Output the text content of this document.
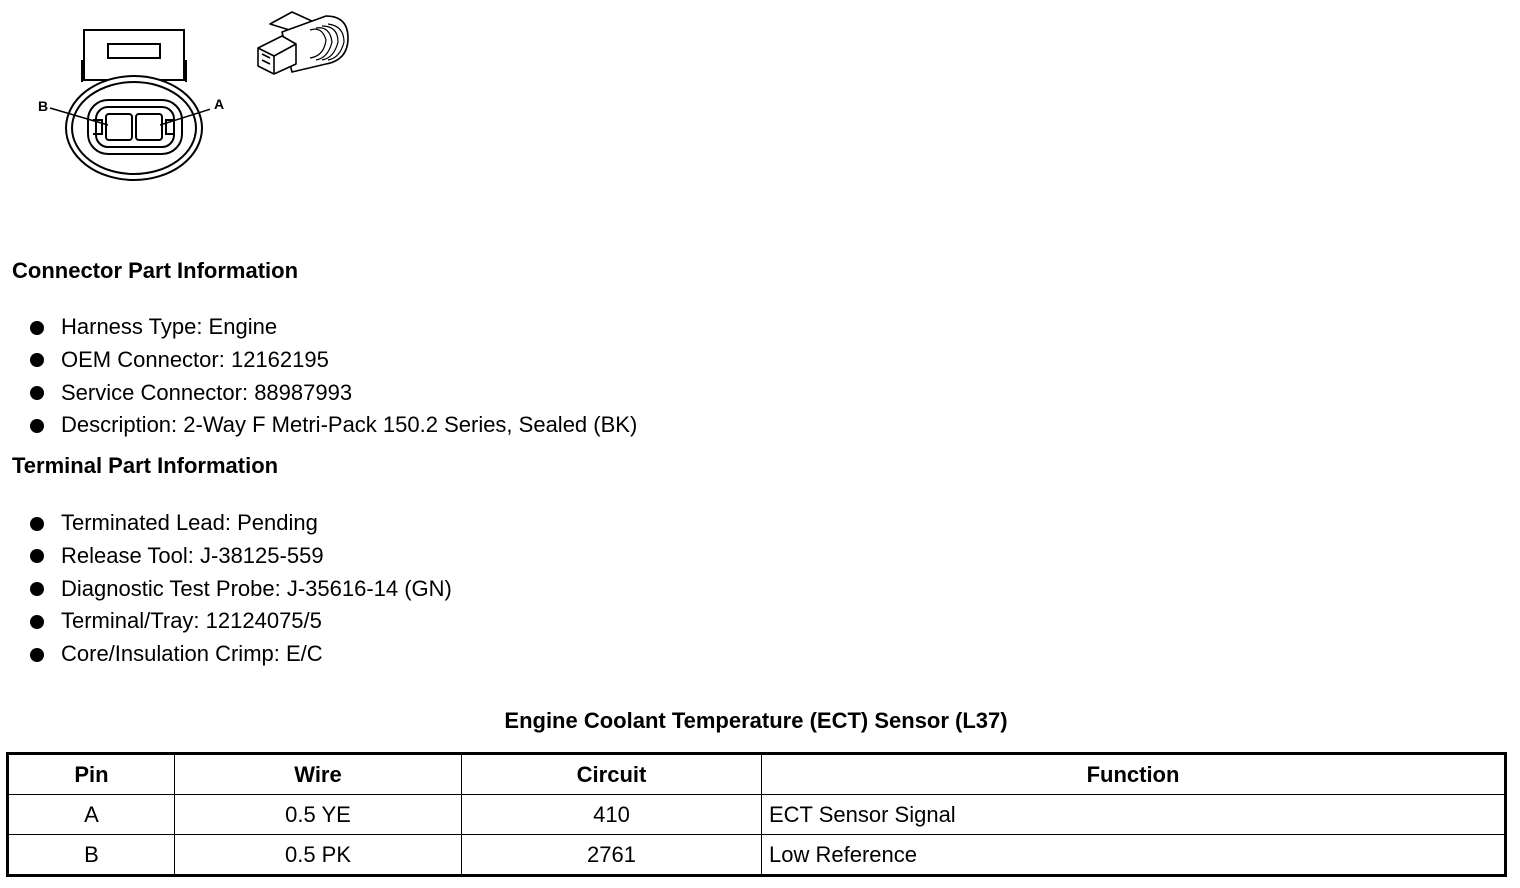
B	A
Connector Part Information
Harness Type: Engine
OEM Connector: 12162195
Service Connector: 88987993
Description: 2-Way F Metri-Pack 150.2 Series, Sealed (BK)
Terminal Part Information
Terminated Lead: Pending
Release Tool: J-38125-559
Diagnostic Test Probe: J-35616-14 (GN)
Terminal/Tray: 12124075/5
Core/Insulation Crimp: E/C
Engine Coolant Temperature (ECT) Sensor (L37)
Pin	Wire	Circuit	Function
A	0.5 YE	410	ECT Sensor Signal
B	0.5 PK	2761	Low Reference
